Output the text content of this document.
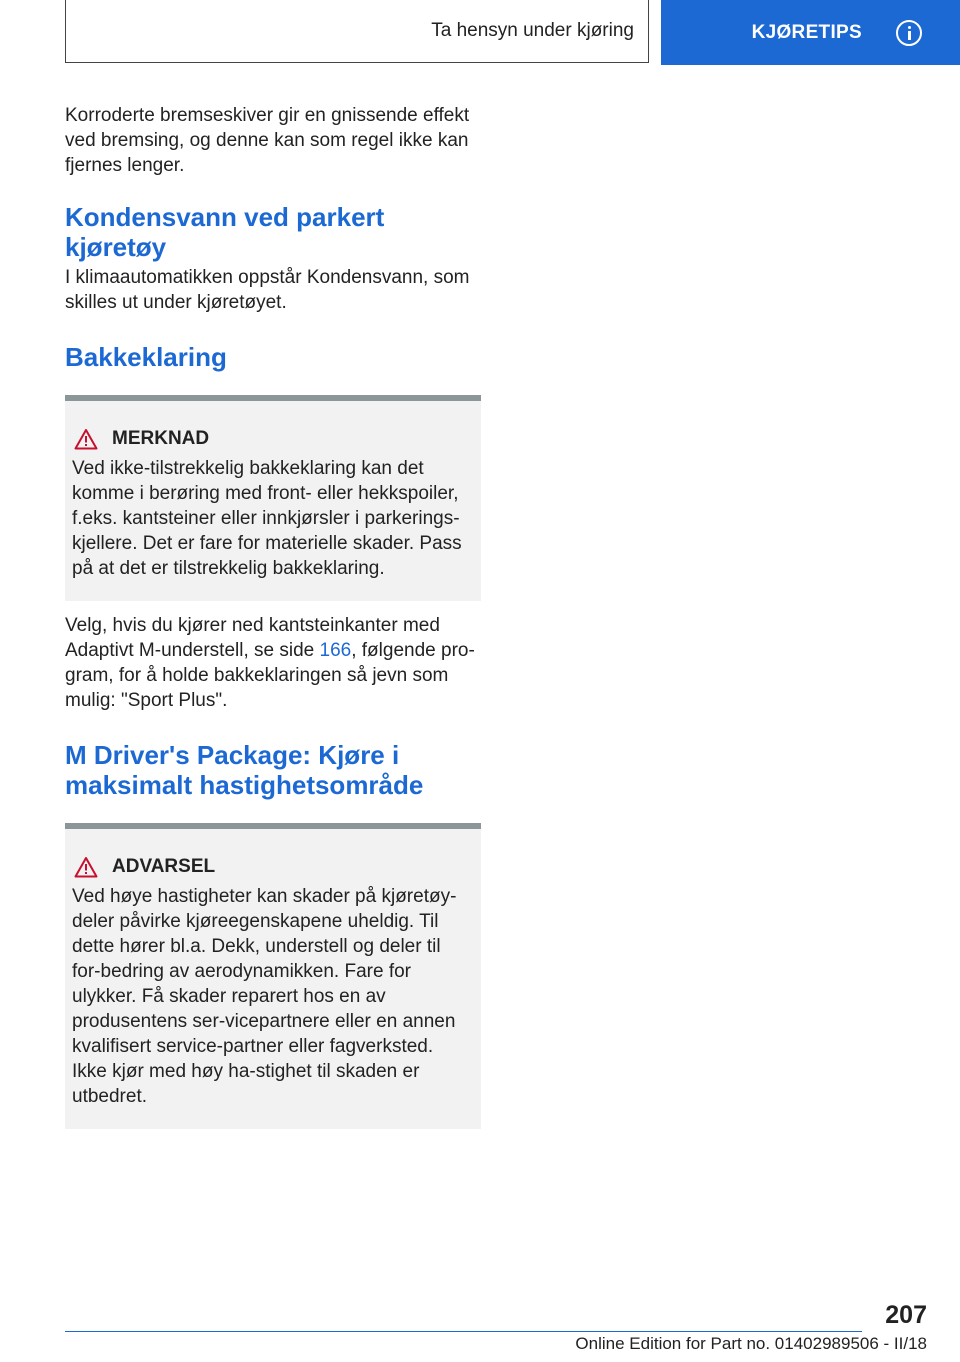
Ta hensyn under kjøring	KJØRETIPS

Korroderte bremseskiver gir en gnissende effekt ved bremsing, og denne kan som regel ikke kan fjernes lenger.

Kondensvann ved parkert kjøretøy

I klimaautomatikken oppstår Kondensvann, som skilles ut under kjøretøyet.

Bakkeklaring
MERKNAD

Ved ikke-tilstrekkelig bakkeklaring kan det komme i berøring med front- eller hekkspoiler, f.eks. kantsteiner eller innkjørsler i parkerings-kjellere. Det er fare for materielle skader. Pass på at det er tilstrekkelig bakkeklaring.

Velg, hvis du kjører ned kantsteinkanter med Adaptivt M-understell, se side 166, følgende pro-gram, for å holde bakkeklaringen så jevn som mulig: "Sport Plus".

M Driver's Package: Kjøre i maksimalt hastighetsområde
ADVARSEL

Ved høye hastigheter kan skader på kjøretøy-deler påvirke kjøreegenskapene uheldig. Til dette hører bl.a. Dekk, understell og deler til for-bedring av aerodynamikken. Fare for ulykker. Få skader reparert hos en av produsentens ser-vicepartnere eller en annen kvalifisert service-partner eller fagverksted. Ikke kjør med høy ha-stighet til skaden er utbedret.

207
Online Edition for Part no. 01402989506 - II/18
